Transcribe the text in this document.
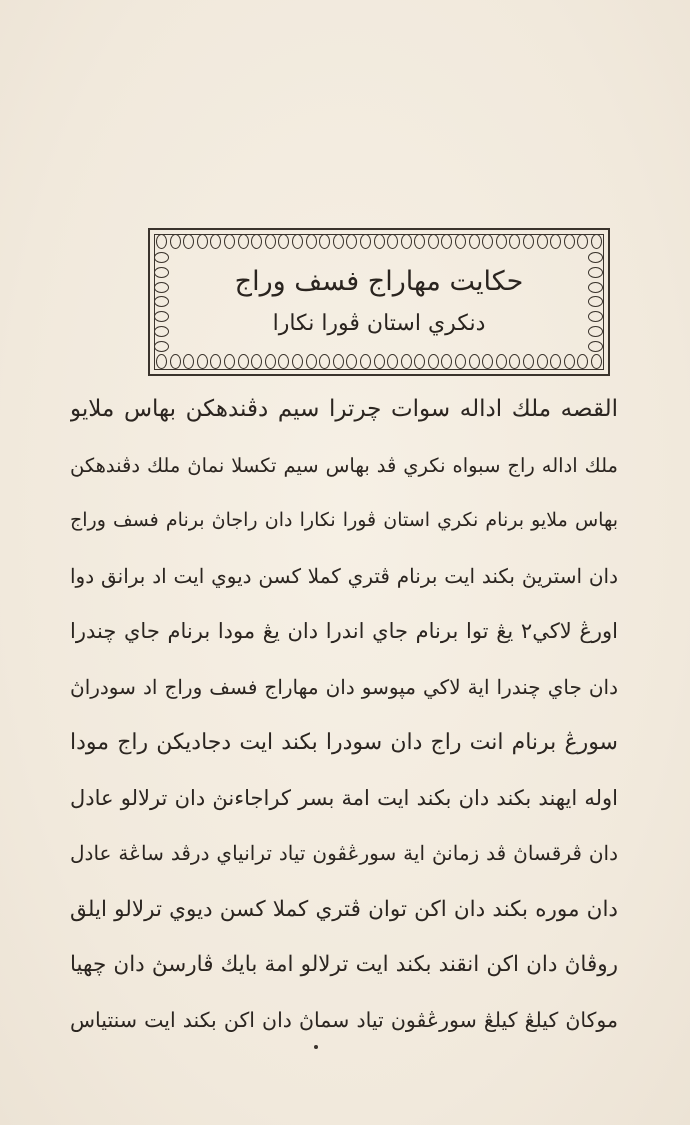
حكايت مهاراج فسف وراج
دنكري استان ڤورا نكارا
القصه ملك اداله سوات چرترا سيم دڤندهكن بهاس ملايو
ملك اداله راج سبواه نكري ڤد بهاس سيم تكسلا نماڽ ملك دڤندهكن
بهاس ملايو برنام نكري استان ڤورا نكارا دان راجاڽ برنام فسف وراج
دان استريڽ بكند ايت برنام ڤتري كملا كسن ديوي ايت اد برانق دوا
اورڠ لاكي٢ يڠ توا برنام جاي اندرا دان يڠ مودا برنام جاي چندرا
دان جاي چندرا اية لاكي مپوسو دان مهاراج فسف وراج اد سودراڽ
سورڠ برنام انت راج دان سودرا بكند ايت دجاديكن راج مودا
اوله ايهند بكند دان بكند ايت امة بسر كراجاءنڽ دان ترلالو عادل
دان ڤرقساڽ ڤد زمانڽ اية سورڠڤون تياد ترانياي درڤد ساڠة عادل
دان موره بكند دان اكن توان ڤتري كملا كسن ديوي ترلالو ايلق
روڤاڽ دان اكن انقند بكند ايت ترلالو امة بايك ڤارسڽ دان چهيا
موكاڽ كيلڠ كيلڠ سورڠڤون تياد سماڽ دان اكن بكند ايت سنتياس
